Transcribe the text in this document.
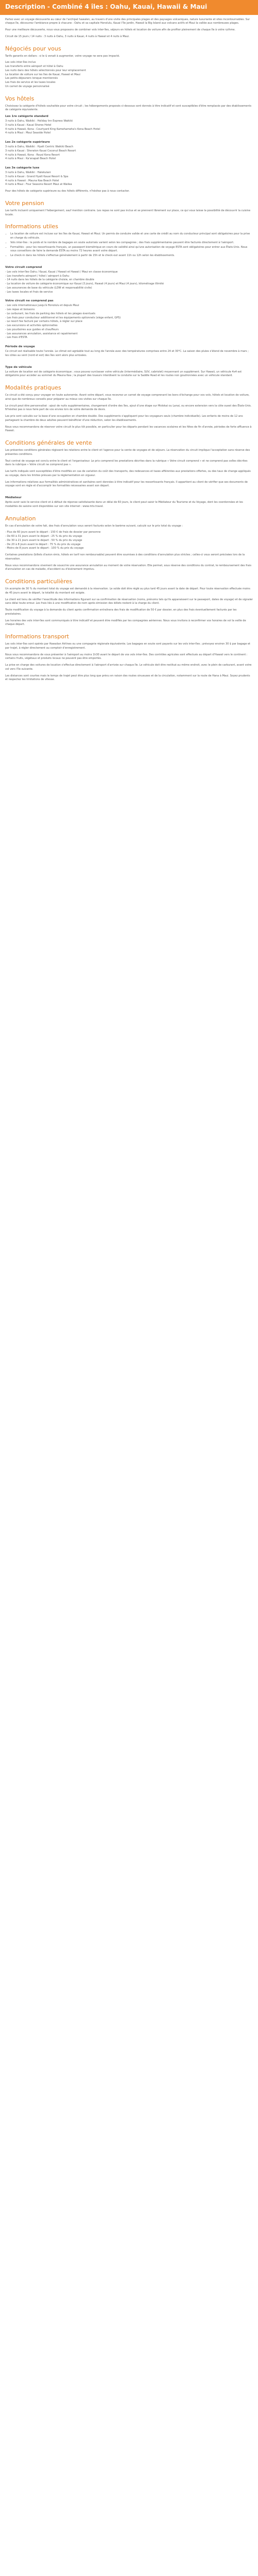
Description - Combiné 4 îles : Oahu, Kauai, Hawaii & Maui

Partez avec un voyage découverte au cœur de l'archipel hawaïen, au travers d'une visite des principales plages et des paysages volcaniques, nature luxuriante et sites incontournables. Sur chaque île, découvrez l'ambiance propre à chacune : Oahu et sa capitale Honolulu, Kauai l'île jardin, Hawaii la Big Island aux volcans actifs et Maui la vallée aux nombreuses plages.

Pour une meilleure découverte, nous vous proposons de combiner vols inter-îles, séjours en hôtels et location de voiture afin de profiter pleinement de chaque île à votre rythme.

Circuit de 15 jours / 14 nuits : 3 nuits à Oahu, 3 nuits à Kauai, 4 nuits à Hawaii et 4 nuits à Maui.

Négociés pour vous

Tarifs garantis en dollars : si le $ venait à augmenter, votre voyage ne sera pas impacté.

Les vols inter-îles inclus
Les transferts entre aéroport et hôtel à Oahu
Les nuits dans des hôtels sélectionnés pour leur emplacement
La location de voiture sur les îles de Kauai, Hawaii et Maui
Les petits-déjeuners lorsque mentionnés
Les frais de service et les taxes locales
Un carnet de voyage personnalisé
Vos hôtels

Choisissez la catégorie d'hôtels souhaitée pour votre circuit ; les hébergements proposés ci-dessous sont donnés à titre indicatif et sont susceptibles d'être remplacés par des établissements de catégorie équivalente.

Les 1re catégorie standard
3 nuits à Oahu, Waikiki : Holiday Inn Express Waikiki
3 nuits à Kauai : Kauai Shores Hotel
4 nuits à Hawaii, Kona : Courtyard King Kamehameha's Kona Beach Hotel
4 nuits à Maui : Maui Seaside Hotel
Les 2e catégorie supérieure
3 nuits à Oahu, Waikiki : Hyatt Centric Waikiki Beach
3 nuits à Kauai : Sheraton Kauai Coconut Beach Resort
4 nuits à Hawaii, Kona : Royal Kona Resort
4 nuits à Maui : Ka'anapali Beach Hotel
Les 3e catégorie luxe
3 nuits à Oahu, Waikiki : Halekulani
3 nuits à Kauai : Grand Hyatt Kauai Resort & Spa
4 nuits à Hawaii : Mauna Kea Beach Hotel
4 nuits à Maui : Four Seasons Resort Maui at Wailea

Pour des hôtels de catégorie supérieure ou des hôtels différents, n'hésitez pas à nous contacter.

Votre pension

Les tarifs incluent uniquement l'hébergement, sauf mention contraire. Les repas ne sont pas inclus et se prennent librement sur place, ce qui vous laisse la possibilité de découvrir la cuisine locale.

Informations utiles
• La location de voiture est incluse sur les îles de Kauai, Hawaii et Maui. Un permis de conduire valide et une carte de crédit au nom du conducteur principal sont obligatoires pour la prise en charge du véhicule.
• Vols inter-îles : le poids et le nombre de bagages en soute autorisés varient selon les compagnies ; des frais supplémentaires peuvent être facturés directement à l'aéroport.
• Formalités : pour les ressortissants français, un passeport biométrique en cours de validité ainsi qu'une autorisation de voyage ESTA sont obligatoires pour entrer aux États-Unis. Nous vous conseillons de faire la demande ESTA au moins 72 heures avant votre départ.
• Le check-in dans les hôtels s'effectue généralement à partir de 15h et le check-out avant 11h ou 12h selon les établissements.
Votre circuit comprend
- Les vols inter-îles Oahu / Kauai, Kauai / Hawaii et Hawaii / Maui en classe économique
- Les transferts aéroport / hôtel / aéroport à Oahu
- 14 nuits dans les hôtels de la catégorie choisie, en chambre double
- La location de voiture de catégorie économique sur Kauai (3 jours), Hawaii (4 jours) et Maui (4 jours), kilométrage illimité
- Les assurances de base du véhicule (LDW et responsabilité civile)
- Les taxes locales et frais de service
Votre circuit ne comprend pas
- Les vols internationaux jusqu'à Honolulu et depuis Maui
- Les repas et boissons
- Le carburant, les frais de parking des hôtels et les péages éventuels
- Les frais pour conducteur additionnel et les équipements optionnels (siège enfant, GPS)
- Le resort fee facturé par certains hôtels, à régler sur place
- Les excursions et activités optionnelles
- Les pourboires aux guides et chauffeurs
- Les assurances annulation, assistance et rapatriement
- Les frais d'ESTA
Période de voyage

Ce circuit est réalisable toute l'année. Le climat est agréable tout au long de l'année avec des températures comprises entre 24 et 30°C. La saison des pluies s'étend de novembre à mars ; les côtes au vent (nord et est) des îles sont alors plus arrosées.

Type de véhicule

La voiture de location est de catégorie économique ; vous pouvez surclasser votre véhicule (intermédiaire, SUV, cabriolet) moyennant un supplément. Sur Hawaii, un véhicule 4x4 est obligatoire pour accéder au sommet du Mauna Kea ; la plupart des loueurs interdisent la conduite sur la Saddle Road et les routes non goudronnées avec un véhicule standard.

Modalités pratiques

Ce circuit a été conçu pour voyager en toute autonomie. Avant votre départ, vous recevrez un carnet de voyage comprenant les bons d'échange pour vos vols, hôtels et location de voiture, ainsi que de nombreux conseils pour préparer au mieux vos visites sur chaque île.

Le circuit peut être personnalisé : ajout de nuits supplémentaires, changement d'ordre des îles, ajout d'une étape sur Molokai ou Lanai, ou encore extension vers la côte ouest des États-Unis. N'hésitez pas à nous faire part de vos envies lors de votre demande de devis.

Les prix sont calculés sur la base d'une occupation en chambre double. Des suppléments s'appliquent pour les voyageurs seuls (chambre individuelle). Les enfants de moins de 12 ans partageant la chambre de deux adultes peuvent bénéficier d'une réduction, selon les établissements.

Nous vous recommandons de réserver votre circuit le plus tôt possible, en particulier pour les départs pendant les vacances scolaires et les fêtes de fin d'année, périodes de forte affluence à Hawaii.

Conditions générales de vente

Les présentes conditions générales régissent les relations entre le client et l'agence pour la vente de voyages et de séjours. La réservation du circuit implique l'acceptation sans réserve des présentes conditions.

Tout contrat de voyage est conclu entre le client et l'organisateur. Le prix comprend les prestations décrites dans la rubrique « Votre circuit comprend » et ne comprend pas celles décrites dans la rubrique « Votre circuit ne comprend pas ».

Les tarifs indiqués sont susceptibles d'être modifiés en cas de variation du coût des transports, des redevances et taxes afférentes aux prestations offertes, ou des taux de change appliqués au voyage, dans les limites prévues par la réglementation en vigueur.

Les informations relatives aux formalités administratives et sanitaires sont données à titre indicatif pour les ressortissants français. Il appartient au client de vérifier que ses documents de voyage sont en règle et d'accomplir les formalités nécessaires avant son départ.

Médiateur

Après avoir saisi le service client et à défaut de réponse satisfaisante dans un délai de 60 jours, le client peut saisir le Médiateur du Tourisme et du Voyage, dont les coordonnées et les modalités de saisine sont disponibles sur son site internet : www.mtv.travel.

Annulation

En cas d'annulation de votre fait, des frais d'annulation vous seront facturés selon le barème suivant, calculé sur le prix total du voyage :

- Plus de 60 jours avant le départ : 150 € de frais de dossier par personne
- De 60 à 31 jours avant le départ : 25 % du prix du voyage
- De 30 à 21 jours avant le départ : 50 % du prix du voyage
- De 20 à 8 jours avant le départ : 75 % du prix du voyage
- Moins de 8 jours avant le départ : 100 % du prix du voyage

Certaines prestations (billets d'avion émis, hôtels en tarif non remboursable) peuvent être soumises à des conditions d'annulation plus strictes ; celles-ci vous seront précisées lors de la réservation.

Nous vous recommandons vivement de souscrire une assurance annulation au moment de votre réservation. Elle permet, sous réserve des conditions du contrat, le remboursement des frais d'annulation en cas de maladie, d'accident ou d'événement imprévu.

Conditions particulières

Un acompte de 30 % du montant total du voyage est demandé à la réservation. Le solde doit être réglé au plus tard 45 jours avant la date de départ. Pour toute réservation effectuée moins de 45 jours avant le départ, la totalité du montant est exigée.

Le client est tenu de vérifier l'exactitude des informations figurant sur sa confirmation de réservation (noms, prénoms tels qu'ils apparaissent sur le passeport, dates de voyage) et de signaler sans délai toute erreur. Les frais liés à une modification de nom après émission des billets restent à la charge du client.

Toute modification du voyage à la demande du client après confirmation entraînera des frais de modification de 50 € par dossier, en plus des frais éventuellement facturés par les prestataires.

Les horaires des vols inter-îles sont communiqués à titre indicatif et peuvent être modifiés par les compagnies aériennes. Nous vous invitons à reconfirmer vos horaires de vol la veille de chaque départ.

Informations transport

Les vols inter-îles sont opérés par Hawaiian Airlines ou une compagnie régionale équivalente. Les bagages en soute sont payants sur les vols inter-îles ; prévoyez environ 30 $ par bagage et par trajet, à régler directement au comptoir d'enregistrement.

Nous vous recommandons de vous présenter à l'aéroport au moins 1h30 avant le départ de vos vols inter-îles. Des contrôles agricoles sont effectués au départ d'Hawaii vers le continent : certains fruits, végétaux et produits locaux ne peuvent pas être emportés.

La prise en charge des voitures de location s'effectue directement à l'aéroport d'arrivée sur chaque île. Le véhicule doit être restitué au même endroit, avec le plein de carburant, avant votre vol vers l'île suivante.

Les distances sont courtes mais le temps de trajet peut être plus long que prévu en raison des routes sinueuses et de la circulation, notamment sur la route de Hana à Maui. Soyez prudents et respectez les limitations de vitesse.
